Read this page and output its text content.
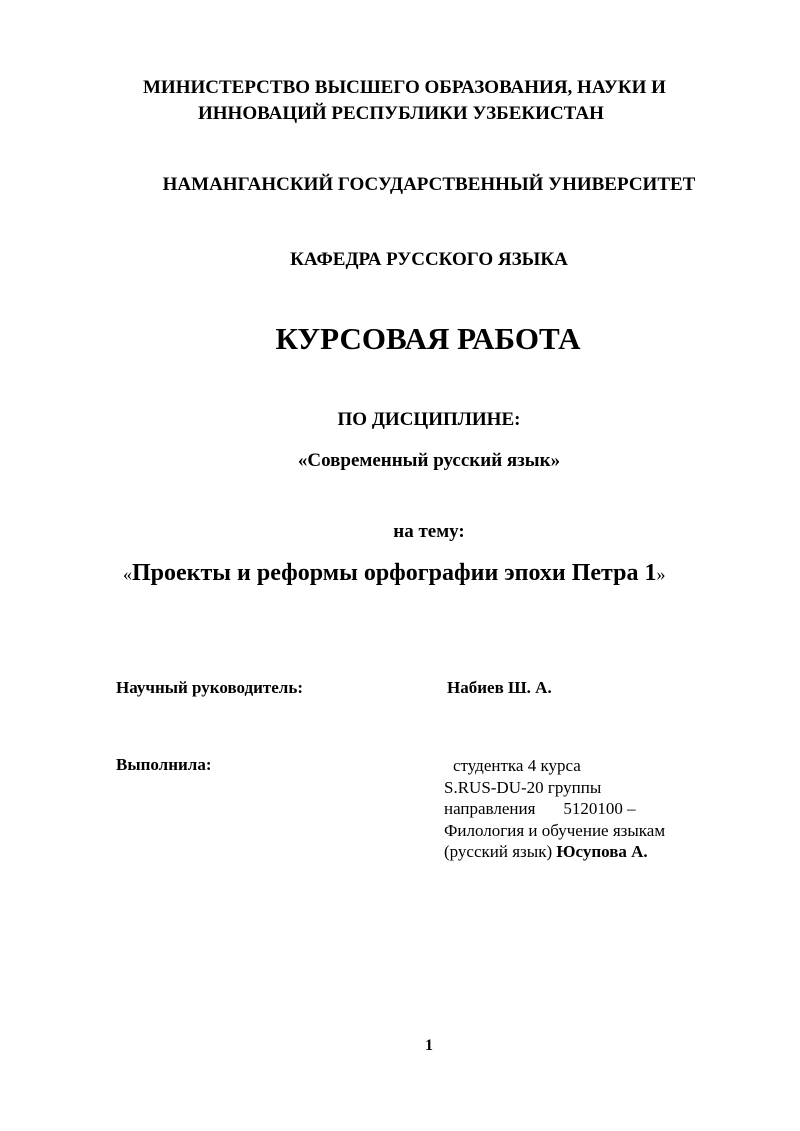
МИНИСТЕРСТВО ВЫСШЕГО ОБРАЗОВАНИЯ, НАУКИ И
ИННОВАЦИЙ РЕСПУБЛИКИ УЗБЕКИСТАН
НАМАНГАНСКИЙ ГОСУДАРСТВЕННЫЙ УНИВЕРСИТЕТ
КАФЕДРА РУССКОГО ЯЗЫКА
КУРСОВАЯ РАБОТА
ПО ДИСЦИПЛИНЕ:
«Современный русский язык»
на тему:
«Проекты и реформы орфографии эпохи Петра 1»
Научный руководитель:	Набиев Ш. А.
Выполнила:	студентка 4 курса
S.RUS-DU-20 группы
направления 5120100 –
Филология и обучение языкам
(русский язык) Юсупова А.
1
